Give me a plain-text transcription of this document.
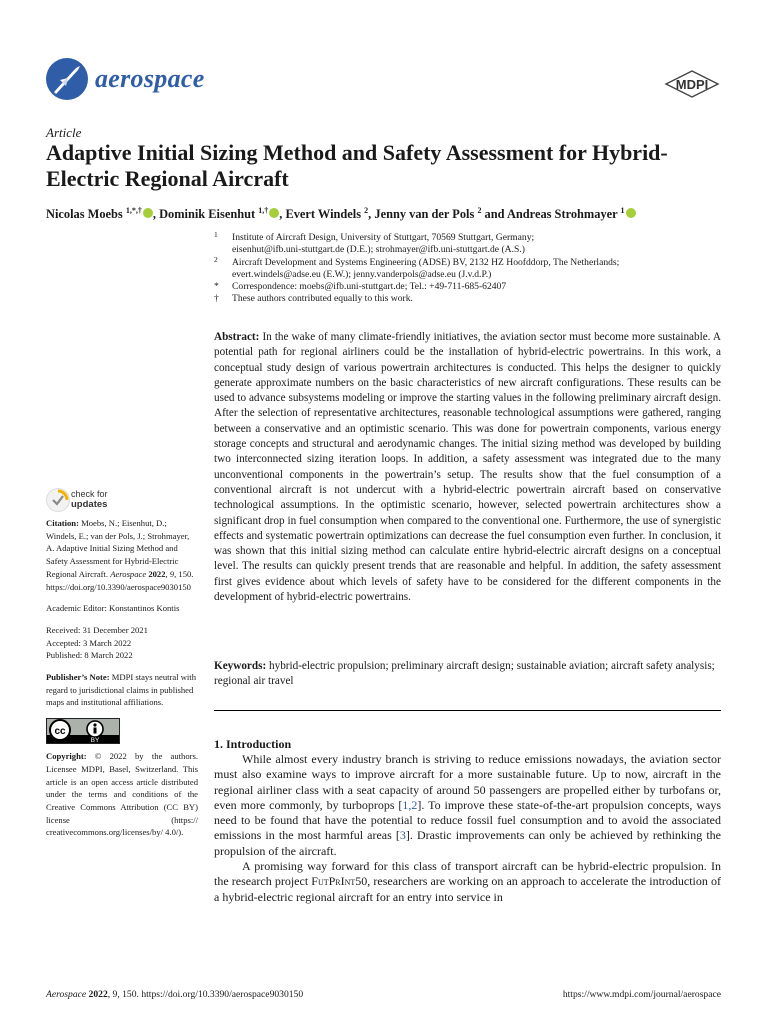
aerospace	MDPI
Article
Adaptive Initial Sizing Method and Safety Assessment for Hybrid-Electric Regional Aircraft
Nicolas Moebs $^{1,*,\dagger}$ , Dominik Eisenhut $^{1,\dagger}$ , Evert Windels $^2$, Jenny van der Pols $^2$ and Andreas Strohmayer $^1$
1 Institute of Aircraft Design, University of Stuttgart, 70569 Stuttgart, Germany;
eisenhut@ifb.uni-stuttgart.de (D.E.); strohmayer@ifb.uni-stuttgart.de (A.S.)
2 Aircraft Development and Systems Engineering (ADSE) BV, 2132 HZ Hoofddorp, The Netherlands;
evert.windels@adse.eu (E.W.); jenny.vanderpols@adse.eu (J.v.d.P.)
* Correspondence: moebs@ifb.uni-stuttgart.de; Tel.: +49-711-685-62407
† These authors contributed equally to this work.
Abstract: In the wake of many climate-friendly initiatives, the aviation sector must become more sustainable. A potential path for regional airliners could be the installation of hybrid-electric powertrains. In this work, a conceptual study design of various powertrain architectures is conducted. This helps the designer to quickly generate approximate numbers on the basic characteristics of new aircraft configurations. These results can be used to advance subsystems modeling or improve the starting values in the following preliminary aircraft design. After the selection of representative architectures, reasonable technological assumptions were gathered, ranging between a conservative and an optimistic scenario. This was done for powertrain components, various energy storage concepts and structural and aerodynamic changes. The initial sizing method was developed by building two interconnected sizing iteration loops. In addition, a safety assessment was integrated due to the many unconventional components in the powertrain’s setup. The results show that the fuel consumption of a conventional aircraft is not undercut with a hybrid-electric powertrain aircraft based on conservative technological assumptions. In the optimistic scenario, however, selected powertrain architectures show a significant drop in fuel consumption when compared to the conventional one. Furthermore, the use of synergistic effects and systematic powertrain optimizations can decrease the fuel consumption even further. In conclusion, it was shown that this initial sizing method can calculate entire hybrid-electric aircraft designs on a conceptual level. The results can quickly present trends that are reasonable and helpful. In addition, the safety assessment first gives evidence about which levels of safety have to be considered for the different components in the development of hybrid-electric powertrains.
Keywords: hybrid-electric propulsion; preliminary aircraft design; sustainable aviation; aircraft safety analysis; regional air travel
check for
updates
Citation: Moebs, N.; Eisenhut, D.; Windels, E.; van der Pols, J.; Strohmayer, A. Adaptive Initial Sizing Method and Safety Assessment for Hybrid-Electric Regional Aircraft. Aerospace 2022, 9, 150. https://doi.org/10.3390/aerospace9030150
Academic Editor: Konstantinos Kontis
Received: 31 December 2021
Accepted: 3 March 2022
Published: 8 March 2022
Publisher’s Note: MDPI stays neutral with regard to jurisdictional claims in published maps and institutional affiliations.
cc
BY
Copyright: © 2022 by the authors. Licensee MDPI, Basel, Switzerland. This article is an open access article distributed under the terms and conditions of the Creative Commons Attribution (CC BY) license (https:// creativecommons.org/licenses/by/ 4.0/).
1. Introduction

While almost every industry branch is striving to reduce emissions nowadays, the aviation sector must also examine ways to improve aircraft for a more sustainable future. Up to now, aircraft in the regional airliner class with a seat capacity of around 50 passengers are propelled either by turbofans or, even more commonly, by turboprops [1,2]. To improve these state-of-the-art propulsion concepts, ways need to be found that have the potential to reduce fossil fuel consumption and to avoid the associated emissions in the most harmful areas [3]. Drastic improvements can only be achieved by rethinking the propulsion of the aircraft.

A promising way forward for this class of transport aircraft can be hybrid-electric propulsion. In the research project FutPrInt50, researchers are working on an approach to accelerate the introduction of a hybrid-electric regional aircraft for an entry into service in

Aerospace 2022, 9, 150. https://doi.org/10.3390/aerospace9030150	https://www.mdpi.com/journal/aerospace
